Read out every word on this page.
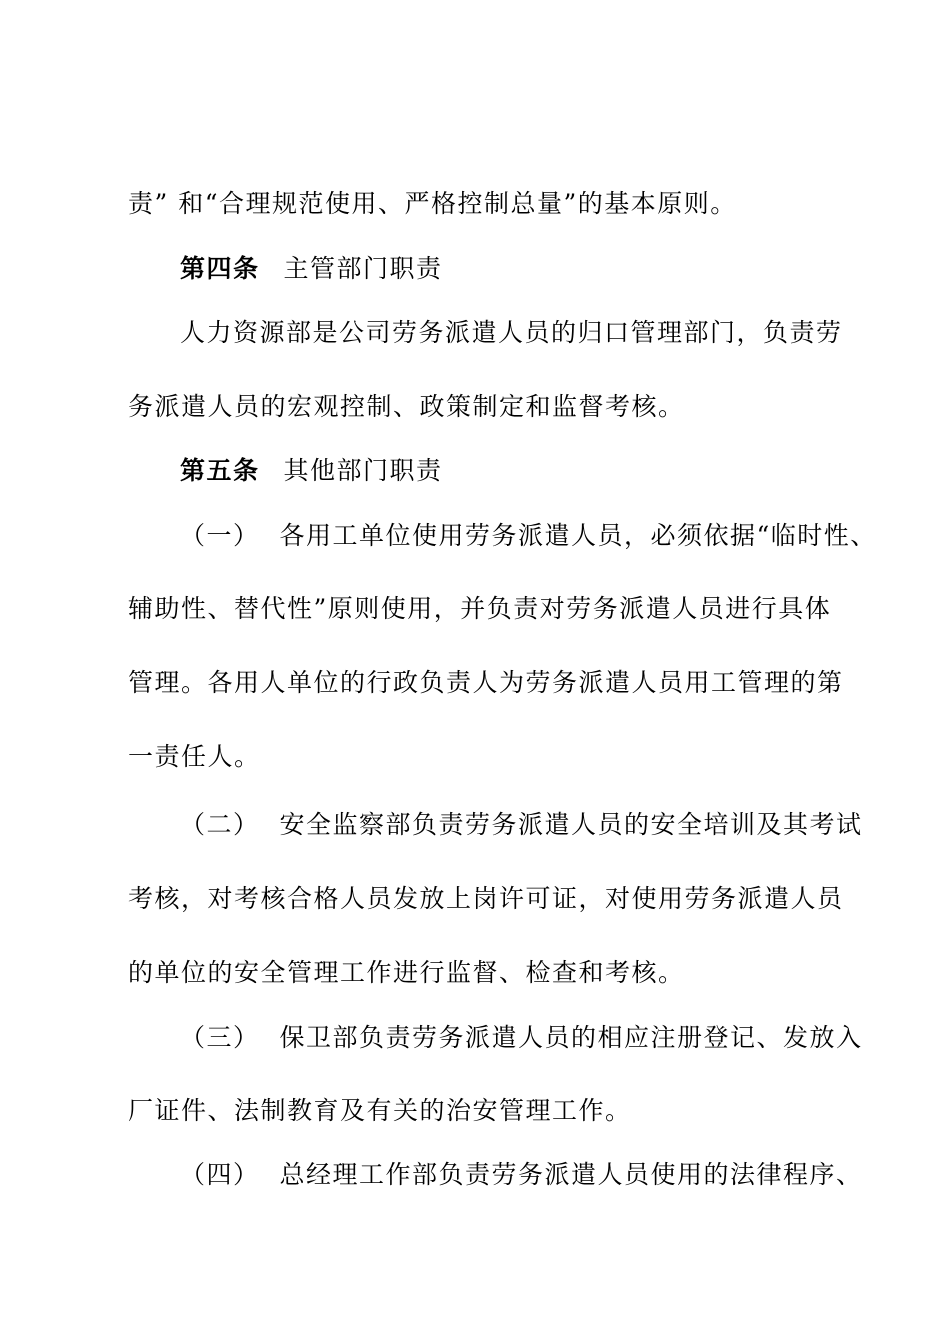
责” 和“合理规范使用、严格控制总量”的基本原则。
第四条 主管部门职责
人力资源部是公司劳务派遣人员的归口管理部门，负责劳
务派遣人员的宏观控制、政策制定和监督考核。
第五条 其他部门职责
（一） 各用工单位使用劳务派遣人员，必须依据“临时性、
辅助性、替代性”原则使用，并负责对劳务派遣人员进行具体
管理。各用人单位的行政负责人为劳务派遣人员用工管理的第
一责任人。
（二） 安全监察部负责劳务派遣人员的安全培训及其考试
考核，对考核合格人员发放上岗许可证，对使用劳务派遣人员
的单位的安全管理工作进行监督、检查和考核。
（三） 保卫部负责劳务派遣人员的相应注册登记、发放入
厂证件、法制教育及有关的治安管理工作。
（四） 总经理工作部负责劳务派遣人员使用的法律程序、
